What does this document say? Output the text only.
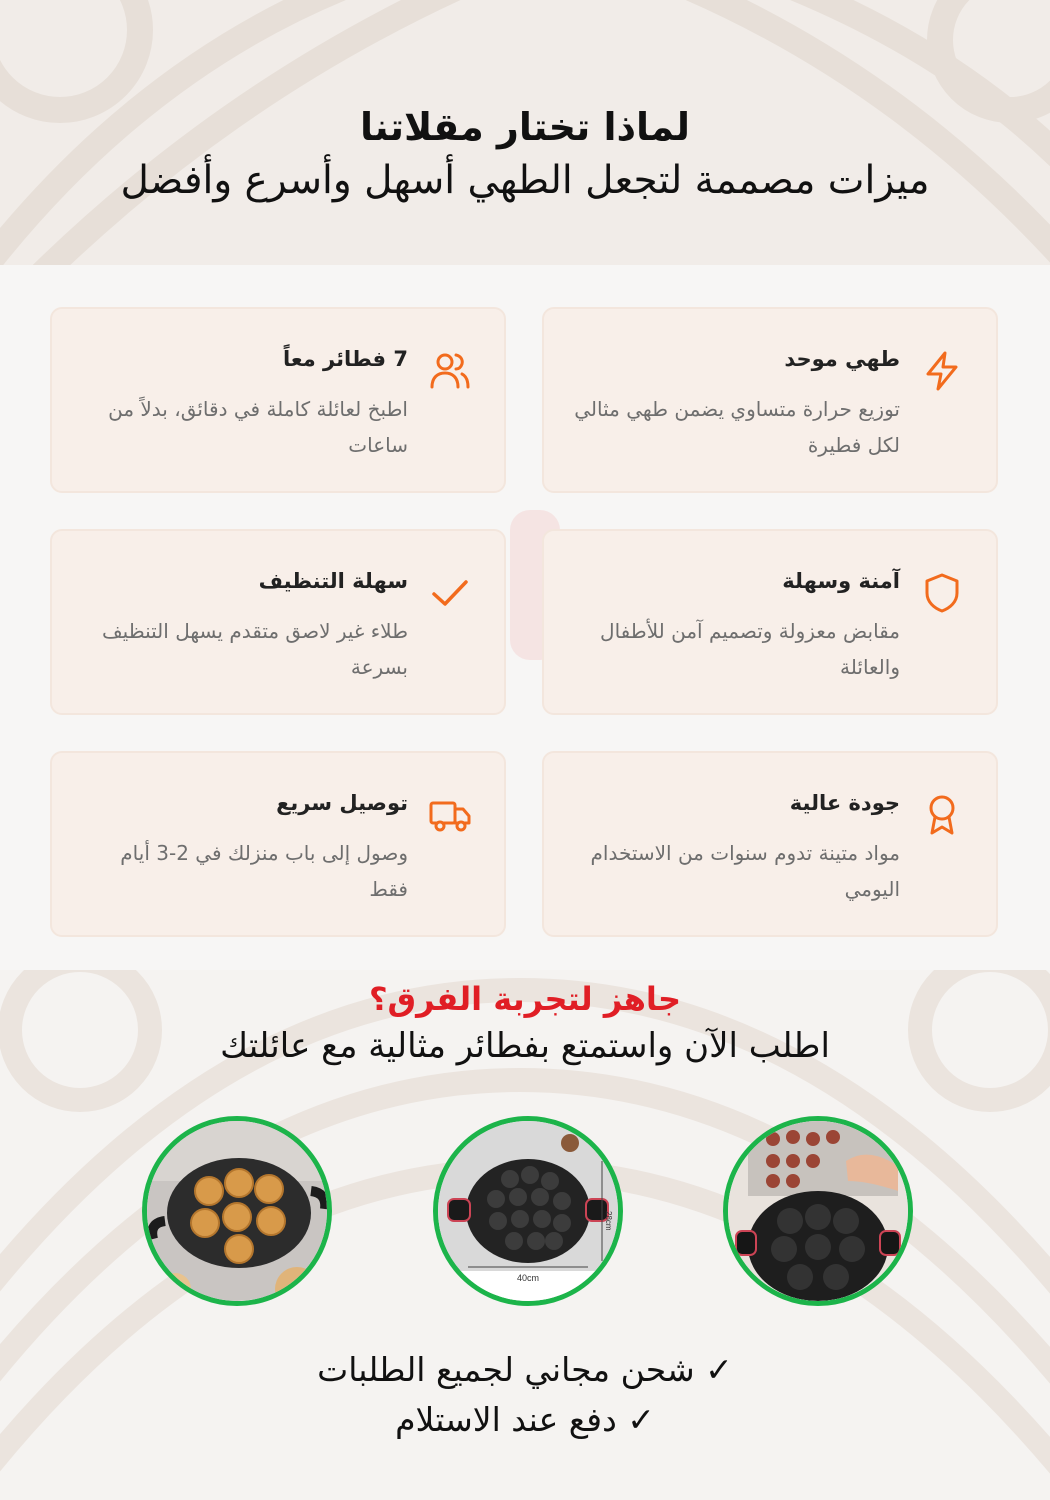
لماذا تختار مقلاتنا
ميزات مصممة لتجعل الطهي أسهل وأسرع وأفضل
طهي موحد
توزيع حرارة متساوي يضمن طهي مثالي لكل فطيرة
7 فطائر معاً
اطبخ لعائلة كاملة في دقائق، بدلاً من ساعات
آمنة وسهلة
مقابض معزولة وتصميم آمن للأطفال والعائلة
سهلة التنظيف
طلاء غير لاصق متقدم يسهل التنظيف بسرعة
جودة عالية
مواد متينة تدوم سنوات من الاستخدام اليومي
توصيل سريع
وصول إلى باب منزلك في 2-3 أيام فقط
جاهز لتجربة الفرق؟
اطلب الآن واستمتع بفطائر مثالية مع عائلتك
40cm
28cm
✓ شحن مجاني لجميع الطلبات
✓ دفع عند الاستلام
